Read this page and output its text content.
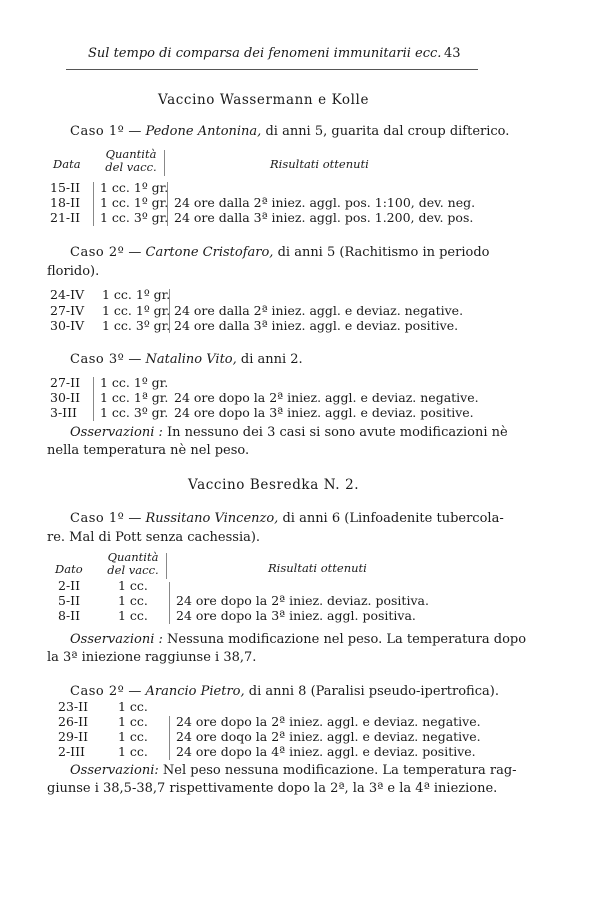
Sul tempo di comparsa dei fenomeni immunitarii ecc. 43
Vaccino Wassermann e Kolle
Caso 1º — Pedone Antonina, di anni 5, guarita dal croup difterico.
Data
Quantità del vacc.	Risultati ottenuti
15-II 1 cc. 1º gr.
18-II 1 cc. 1º gr. 24 ore dalla 2ª iniez. aggl. pos. 1:100, dev. neg.
21-II 1 cc. 3º gr. 24 ore dalla 3ª iniez. aggl. pos. 1.200, dev. pos.
Caso 2º — Cartone Cristofaro, di anni 5 (Rachitismo in periodo
florido).
24-IV 1 cc. 1º gr.
27-IV 1 cc. 1º gr. 24 ore dalla 2ª iniez. aggl. e deviaz. negative.
30-IV 1 cc. 3º gr. 24 ore dalla 3ª iniez. aggl. e deviaz. positive.
Caso 3º — Natalino Vito, di anni 2.
27-II 1 cc. 1º gr.
30-II 1 cc. 1ª gr. 24 ore dopo la 2ª iniez. aggl. e deviaz. negative.
3-III 1 cc. 3º gr. 24 ore dopo la 3ª iniez. aggl. e deviaz. positive.
Osservazioni : In nessuno dei 3 casi si sono avute modificazioni nè
nella temperatura nè nel peso.
Vaccino Besredka N. 2.
Caso 1º — Russitano Vincenzo, di anni 6 (Linfoadenite tubercola-
re. Mal di Pott senza cachessia).
Dato
Quantità del vacc.	Risultati ottenuti
2-II	1 cc.
5-II	1 cc. 24 ore dopo la 2ª iniez. deviaz. positiva.
8-II	1 cc. 24 ore dopo la 3ª iniez. aggl. positiva.
Osservazioni : Nessuna modificazione nel peso. La temperatura dopo
la 3ª iniezione raggiunse i 38,7.
Caso 2º — Arancio Pietro, di anni 8 (Paralisi pseudo-ipertrofica).
23-II 1 cc.
26-II 1 cc. 24 ore dopo la 2ª iniez. aggl. e deviaz. negative.
29-II 1 cc. 24 ore doqo la 2ª iniez. aggl. e deviaz. negative.
2-III	1 cc. 24 ore dopo la 4ª iniez. aggl. e deviaz. positive.
Osservazioni: Nel peso nessuna modificazione. La temperatura rag-
giunse i 38,5-38,7 rispettivamente dopo la 2ª, la 3ª e la 4ª iniezione.
